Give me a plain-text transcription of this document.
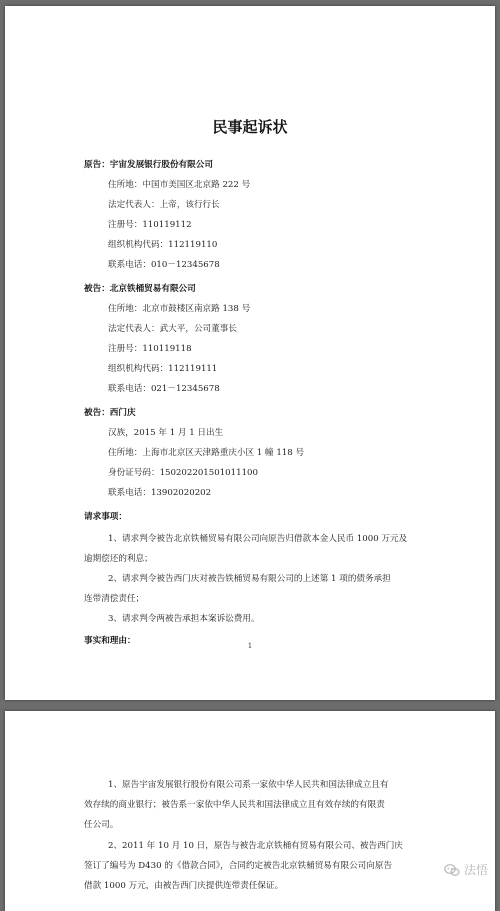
民事起诉状
原告：宇宙发展银行股份有限公司
住所地：中国市美国区北京路 222 号
法定代表人：上帝，该行行长
注册号：110119112
组织机构代码：112119110
联系电话：010－12345678
被告：北京铁桶贸易有限公司
住所地：北京市鼓楼区南京路 138 号
法定代表人：武大平，公司董事长
注册号：110119118
组织机构代码：112119111
联系电话：021－12345678
被告：西门庆
汉族，2015 年 1 月 1 日出生
住所地：上海市北京区天津路重庆小区 1 幢 118 号
身份证号码：150202201501011100
联系电话：13902020202
请求事项：
1、请求判令被告北京铁桶贸易有限公司向原告归借款本金人民币 1000 万元及
逾期偿还的利息；
2、请求判令被告西门庆对被告铁桶贸易有限公司的上述第 1 项的债务承担
连带清偿责任；
3、请求判令两被告承担本案诉讼费用。
事实和理由：	1
1、原告宇宙发展银行股份有限公司系一家依中华人民共和国法律成立且有
效存续的商业银行；被告系一家依中华人民共和国法律成立且有效存续的有限责
任公司。
2、2011 年 10 月 10 日，原告与被告北京铁桶有贸易有限公司、被告西门庆
签订了编号为 D430 的《借款合同》，合同约定被告北京铁桶贸易有限公司向原告
借款 1000 万元，由被告西门庆提供连带责任保证。
法悟
